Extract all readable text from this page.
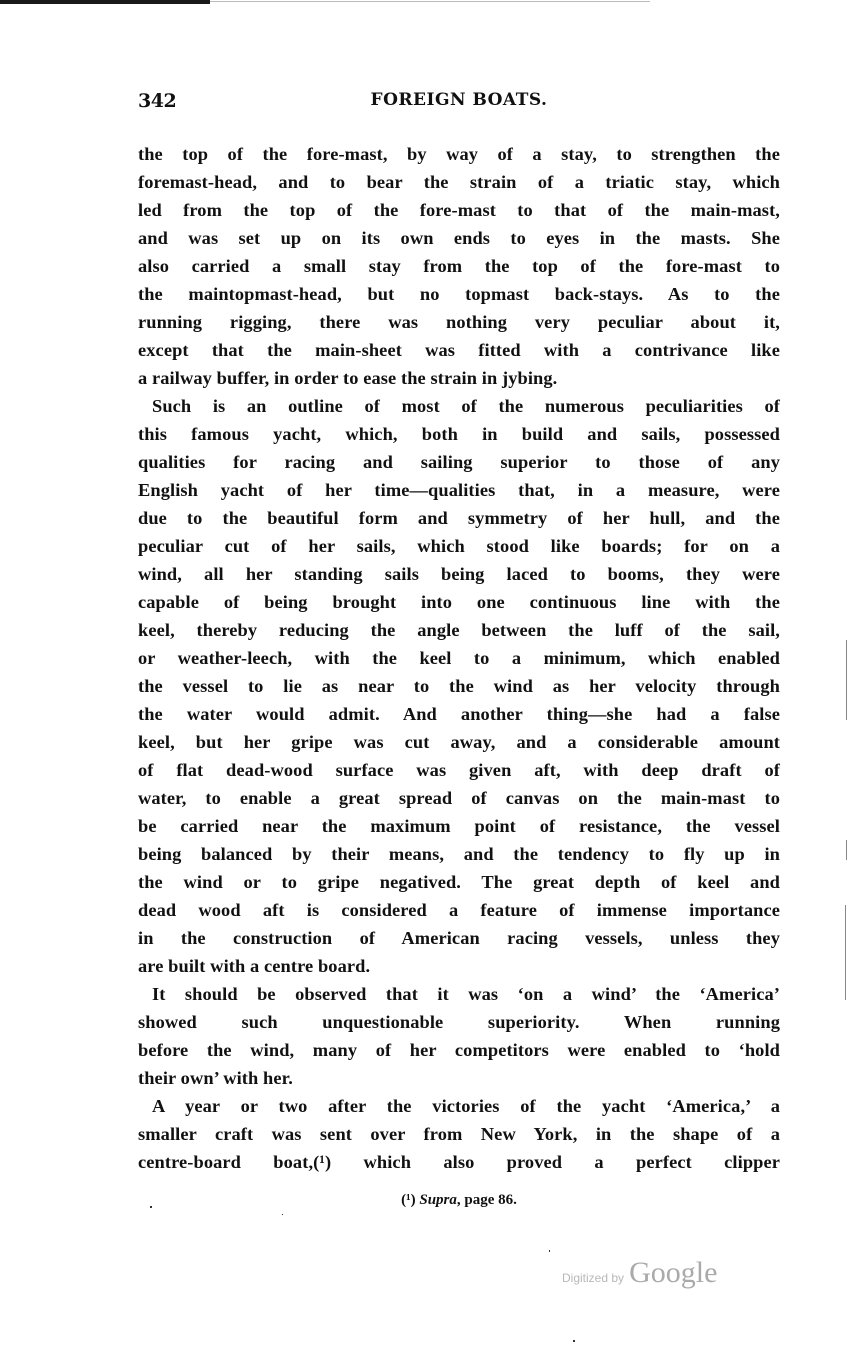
342	FOREIGN BOATS.
the top of the fore-mast, by way of a stay, to strengthen the
foremast-head, and to bear the strain of a triatic stay, which
led from the top of the fore-mast to that of the main-mast,
and was set up on its own ends to eyes in the masts. She
also carried a small stay from the top of the fore-mast to
the maintopmast-head, but no topmast back-stays. As to the
running rigging, there was nothing very peculiar about it,
except that the main-sheet was fitted with a contrivance like
a railway buffer, in order to ease the strain in jybing.
Such is an outline of most of the numerous peculiarities of
this famous yacht, which, both in build and sails, possessed
qualities for racing and sailing superior to those of any
English yacht of her time—qualities that, in a measure, were
due to the beautiful form and symmetry of her hull, and the
peculiar cut of her sails, which stood like boards; for on a
wind, all her standing sails being laced to booms, they were
capable of being brought into one continuous line with the
keel, thereby reducing the angle between the luff of the sail,
or weather-leech, with the keel to a minimum, which enabled
the vessel to lie as near to the wind as her velocity through
the water would admit. And another thing—she had a false
keel, but her gripe was cut away, and a considerable amount
of flat dead-wood surface was given aft, with deep draft of
water, to enable a great spread of canvas on the main-mast to
be carried near the maximum point of resistance, the vessel
being balanced by their means, and the tendency to fly up in
the wind or to gripe negatived. The great depth of keel and
dead wood aft is considered a feature of immense importance
in the construction of American racing vessels, unless they
are built with a centre board.
It should be observed that it was ‘on a wind’ the ‘America’
showed such unquestionable superiority. When running
before the wind, many of her competitors were enabled to ‘hold
their own’ with her.
A year or two after the victories of the yacht ‘America,’ a
smaller craft was sent over from New York, in the shape of a
centre-board boat,(¹) which also proved a perfect clipper
(¹) Supra, page 86.
Digitized by Google
